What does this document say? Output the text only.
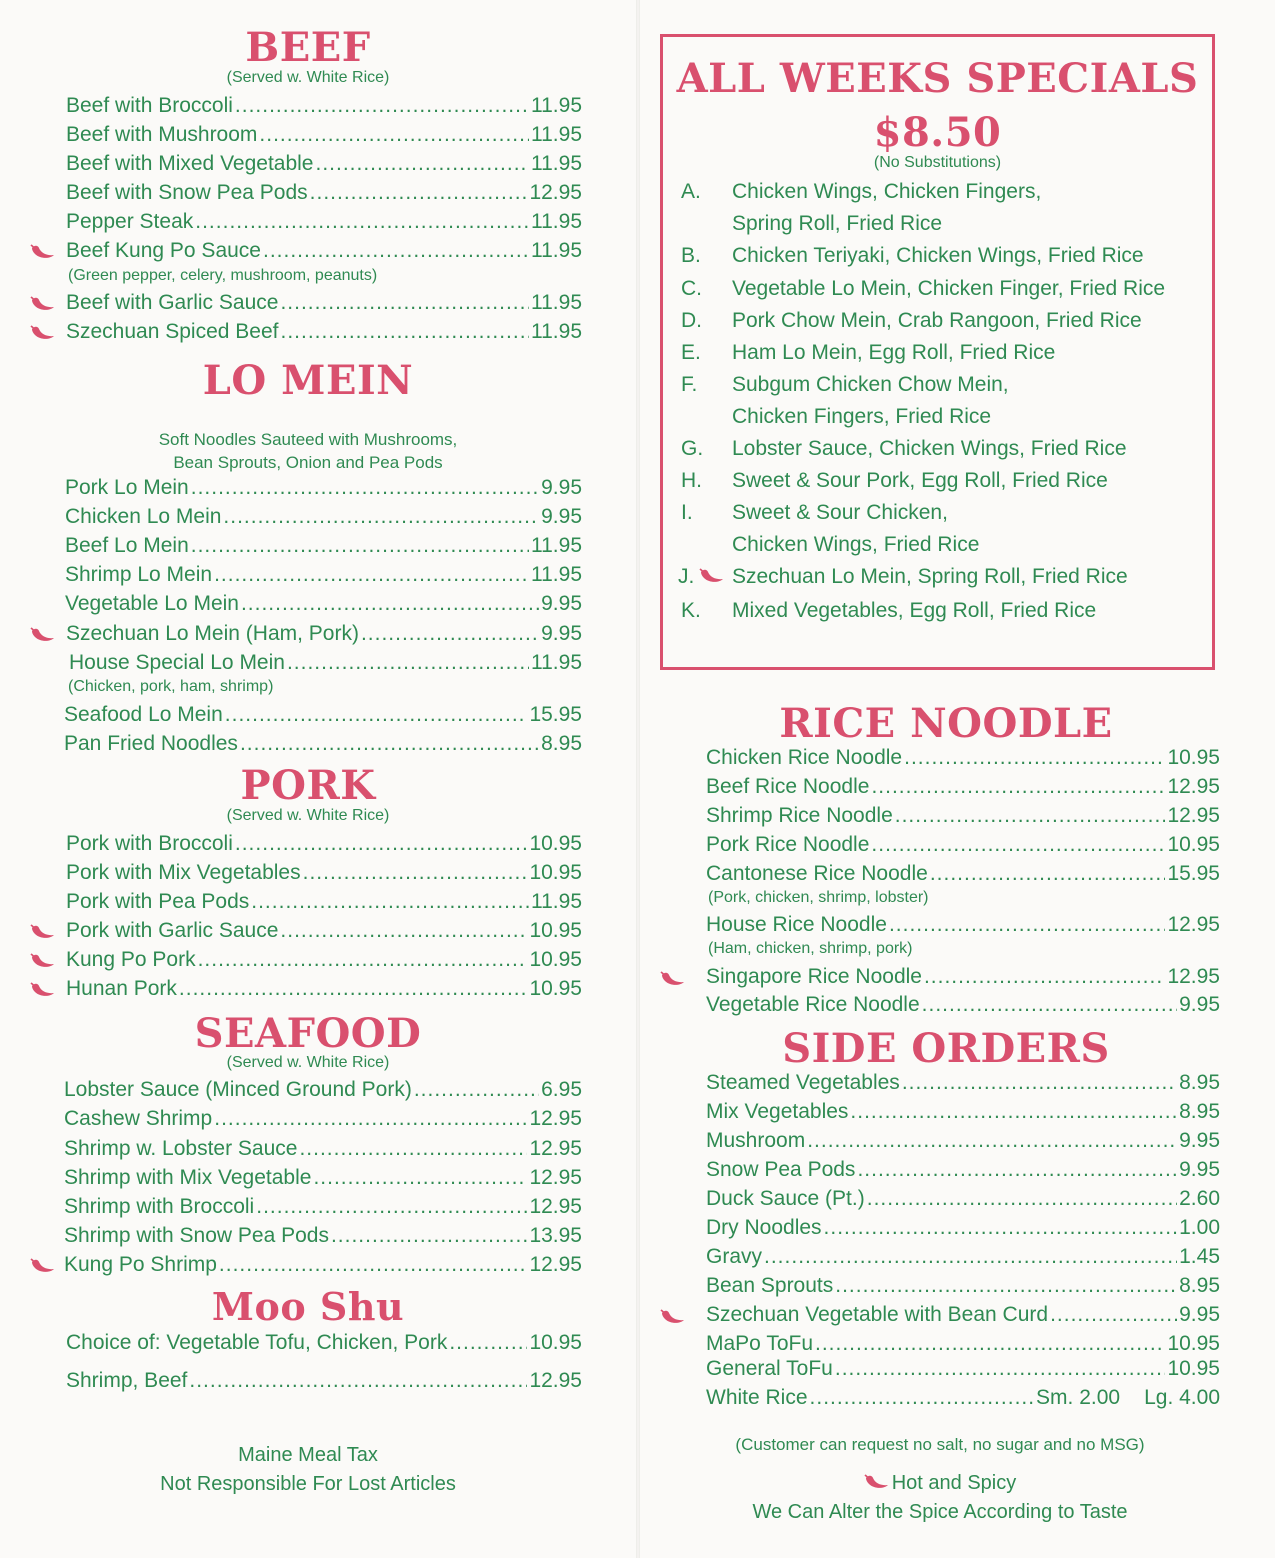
BEEF
(Served w. White Rice)
Beef with Broccoli .....	11.95
Beef with Mushroom .....	11.95
Beef with Mixed Vegetable .....	11.95
Beef with Snow Pea Pods .....	12.95
Pepper Steak .....	11.95
Beef Kung Po Sauce .....	11.95
(Green pepper, celery, mushroom, peanuts)
Beef with Garlic Sauce .....	11.95
Szechuan Spiced Beef .....	11.95
LO MEIN
Soft Noodles Sauteed with Mushrooms,
Bean Sprouts, Onion and Pea Pods
Pork Lo Mein .....	9.95
Chicken Lo Mein .....	9.95
Beef Lo Mein .....	11.95
Shrimp Lo Mein .....	11.95
Vegetable Lo Mein .....	9.95
Szechuan Lo Mein (Ham, Pork) .....	9.95
House Special Lo Mein .....	11.95
(Chicken, pork, ham, shrimp)
Seafood Lo Mein .....	15.95
Pan Fried Noodles .....	8.95
PORK
(Served w. White Rice)
Pork with Broccoli .....	10.95
Pork with Mix Vegetables .....	10.95
Pork with Pea Pods .....	11.95
Pork with Garlic Sauce .....	10.95
Kung Po Pork .....	10.95
Hunan Pork .....	10.95
SEAFOOD
(Served w. White Rice)
Lobster Sauce (Minced Ground Pork) .....	6.95
Cashew Shrimp .....	12.95
Shrimp w. Lobster Sauce .....	12.95
Shrimp with Mix Vegetable .....	12.95
Shrimp with Broccoli .....	12.95
Shrimp with Snow Pea Pods .....	13.95
Kung Po Shrimp .....	12.95
Moo Shu
Choice of: Vegetable Tofu, Chicken, Pork .....	10.95
Shrimp, Beef .....	12.95
Maine Meal Tax
Not Responsible For Lost Articles
ALL WEEKS SPECIALS
$8.50
(No Substitutions)
A. Chicken Wings, Chicken Fingers,
Spring Roll, Fried Rice
B. Chicken Teriyaki, Chicken Wings, Fried Rice
C. Vegetable Lo Mein, Chicken Finger, Fried Rice
D. Pork Chow Mein, Crab Rangoon, Fried Rice
E. Ham Lo Mein, Egg Roll, Fried Rice
F. Subgum Chicken Chow Mein,
Chicken Fingers, Fried Rice
G. Lobster Sauce, Chicken Wings, Fried Rice
H. Sweet & Sour Pork, Egg Roll, Fried Rice
I. Sweet & Sour Chicken,
Chicken Wings, Fried Rice
J. Szechuan Lo Mein, Spring Roll, Fried Rice
K. Mixed Vegetables, Egg Roll, Fried Rice
RICE NOODLE
Chicken Rice Noodle .....	10.95
Beef Rice Noodle .....	12.95
Shrimp Rice Noodle .....	12.95
Pork Rice Noodle .....	10.95
Cantonese Rice Noodle .....	15.95
(Pork, chicken, shrimp, lobster)
House Rice Noodle .....	12.95
(Ham, chicken, shrimp, pork)
Singapore Rice Noodle .....	12.95
Vegetable Rice Noodle .....	9.95
SIDE ORDERS
Steamed Vegetables .....	8.95
Mix Vegetables .....	8.95
Mushroom .....	9.95
Snow Pea Pods .....	9.95
Duck Sauce (Pt.) .....	2.60
Dry Noodles .....	1.00
Gravy .....	1.45
Bean Sprouts .....	8.95
Szechuan Vegetable with Bean Curd .....	9.95
MaPo ToFu .....	10.95
General ToFu .....	10.95
White Rice .....	Sm. 2.00 Lg. 4.00
(Customer can request no salt, no sugar and no MSG)
Hot and Spicy
We Can Alter the Spice According to Taste
